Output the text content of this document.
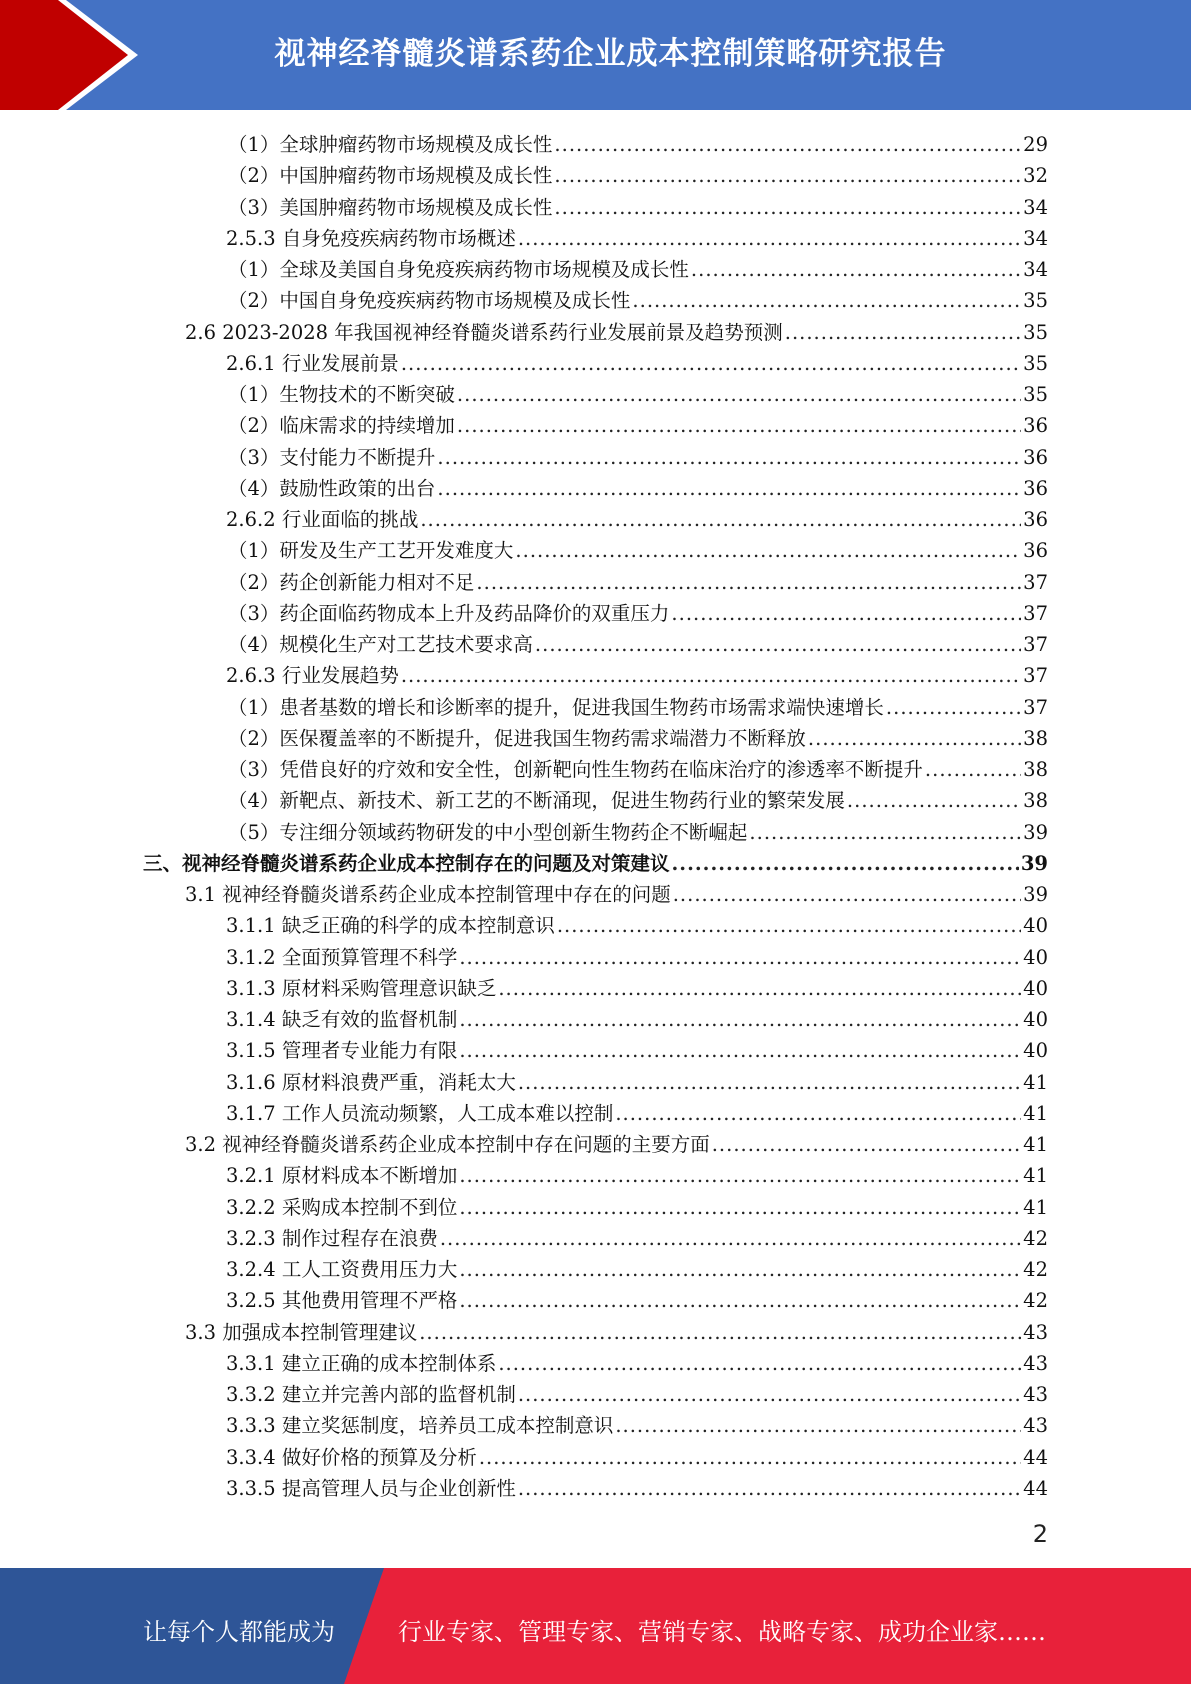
视神经脊髓炎谱系药企业成本控制策略研究报告
（1）全球肿瘤药物市场规模及成长性 .....	29
（2）中国肿瘤药物市场规模及成长性 .....	32
（3）美国肿瘤药物市场规模及成长性 .....	34
2.5.3 自身免疫疾病药物市场概述 .....	34
（1）全球及美国自身免疫疾病药物市场规模及成长性 .....	34
（2）中国自身免疫疾病药物市场规模及成长性 .....	35
2.6 2023-2028 年我国视神经脊髓炎谱系药行业发展前景及趋势预测 .....	35
2.6.1 行业发展前景 .....	35
（1）生物技术的不断突破 .....	35
（2）临床需求的持续增加 .....	36
（3）支付能力不断提升 .....	36
（4）鼓励性政策的出台 .....	36
2.6.2 行业面临的挑战 .....	36
（1）研发及生产工艺开发难度大 .....	36
（2）药企创新能力相对不足 .....	37
（3）药企面临药物成本上升及药品降价的双重压力 .....	37
（4）规模化生产对工艺技术要求高 .....	37
2.6.3 行业发展趋势 .....	37
（1）患者基数的增长和诊断率的提升，促进我国生物药市场需求端快速增长 .....	37
（2）医保覆盖率的不断提升，促进我国生物药需求端潜力不断释放 .....	38
（3）凭借良好的疗效和安全性，创新靶向性生物药在临床治疗的渗透率不断提升 .....	38
（4）新靶点、新技术、新工艺的不断涌现，促进生物药行业的繁荣发展 .....	38
（5）专注细分领域药物研发的中小型创新生物药企不断崛起 .....	39
三、视神经脊髓炎谱系药企业成本控制存在的问题及对策建议 .....	39
3.1 视神经脊髓炎谱系药企业成本控制管理中存在的问题 .....	39
3.1.1 缺乏正确的科学的成本控制意识 .....	40
3.1.2 全面预算管理不科学 .....	40
3.1.3 原材料采购管理意识缺乏 .....	40
3.1.4 缺乏有效的监督机制 .....	40
3.1.5 管理者专业能力有限 .....	40
3.1.6 原材料浪费严重，消耗太大 .....	41
3.1.7 工作人员流动频繁，人工成本难以控制 .....	41
3.2 视神经脊髓炎谱系药企业成本控制中存在问题的主要方面 .....	41
3.2.1 原材料成本不断增加 .....	41
3.2.2 采购成本控制不到位 .....	41
3.2.3 制作过程存在浪费 .....	42
3.2.4 工人工资费用压力大 .....	42
3.2.5 其他费用管理不严格 .....	42
3.3 加强成本控制管理建议 .....	43
3.3.1 建立正确的成本控制体系 .....	43
3.3.2 建立并完善内部的监督机制 .....	43
3.3.3 建立奖惩制度，培养员工成本控制意识 .....	43
3.3.4 做好价格的预算及分析 .....	44
3.3.5 提高管理人员与企业创新性 .....	44
2
让每个人都能成为	行业专家、管理专家、营销专家、战略专家、成功企业家……
